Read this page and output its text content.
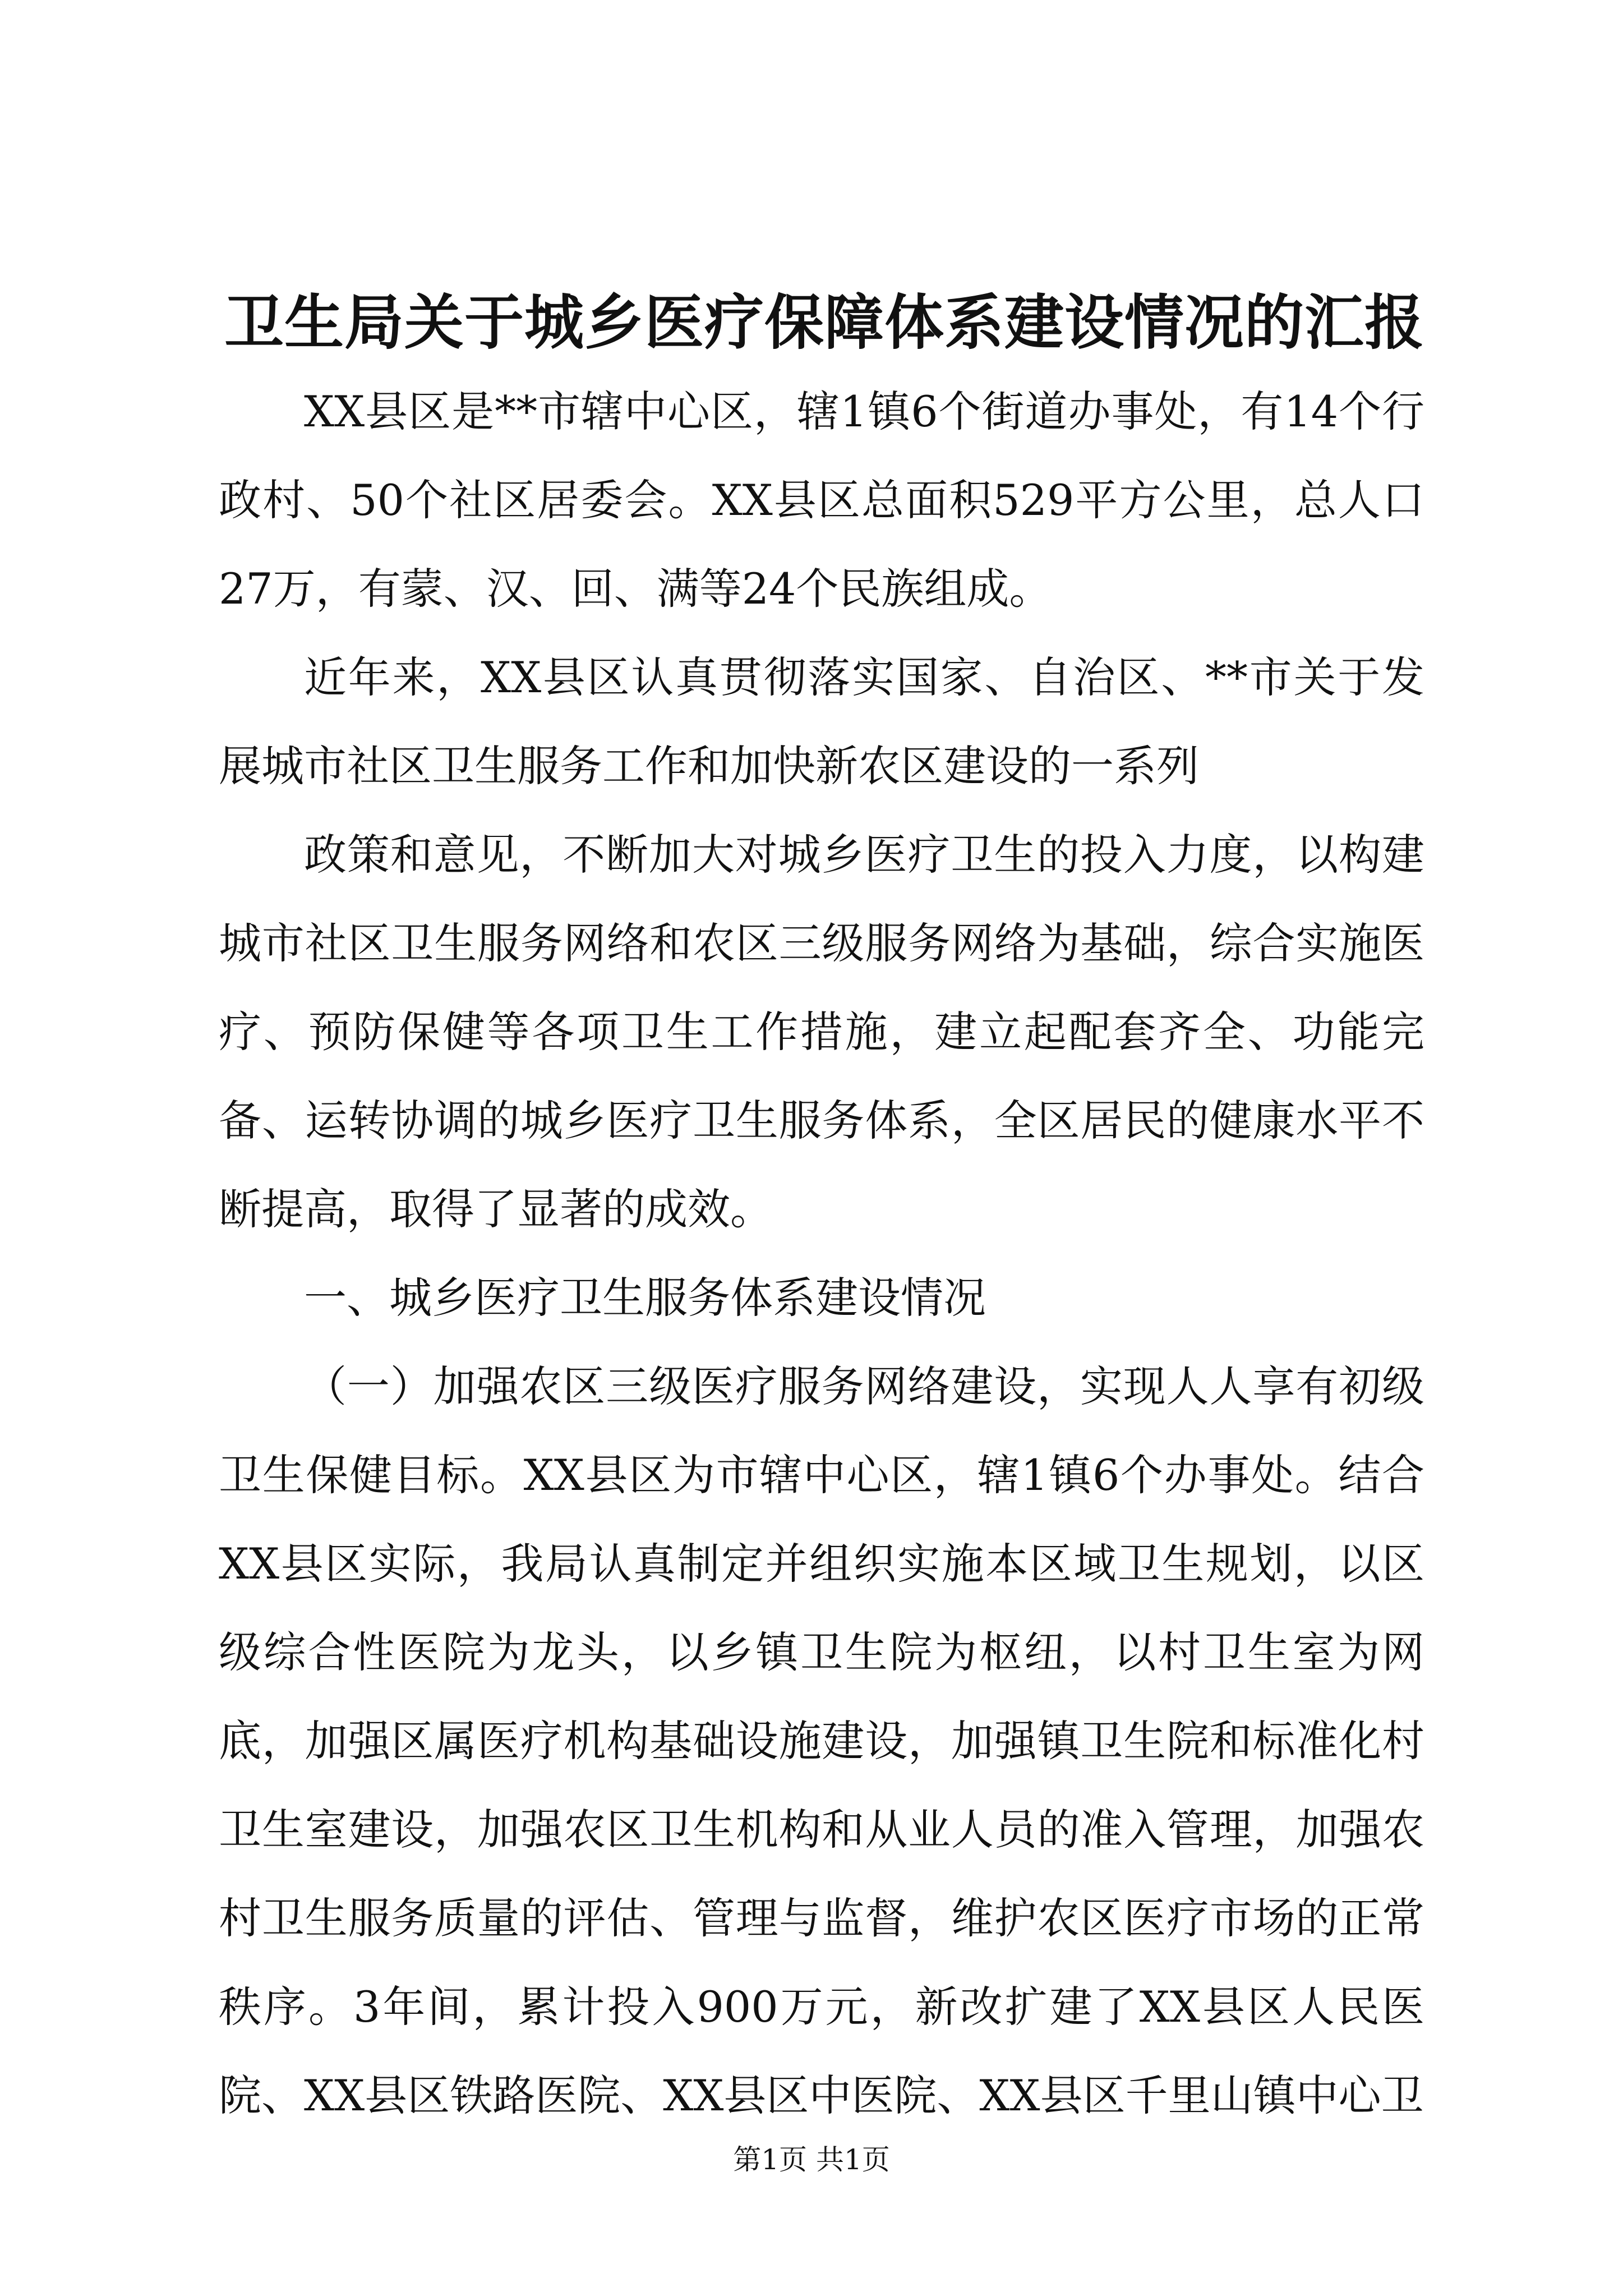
卫生局关于城乡医疗保障体系建设情况的汇报

XX县区是**市辖中心区，辖1镇6个街道办事处，有14个行政村、50个社区居委会。XX县区总面积529平方公里，总人口27万，有蒙、汉、回、满等24个民族组成。

近年来，XX县区认真贯彻落实国家、自治区、**市关于发展城市社区卫生服务工作和加快新农区建设的一系列

政策和意见，不断加大对城乡医疗卫生的投入力度，以构建城市社区卫生服务网络和农区三级服务网络为基础，综合实施医疗、预防保健等各项卫生工作措施，建立起配套齐全、功能完备、运转协调的城乡医疗卫生服务体系，全区居民的健康水平不断提高，取得了显著的成效。

一、城乡医疗卫生服务体系建设情况

（一）加强农区三级医疗服务网络建设，实现人人享有初级卫生保健目标。XX县区为市辖中心区，辖1镇6个办事处。结合XX县区实际，我局认真制定并组织实施本区域卫生规划，以区级综合性医院为龙头，以乡镇卫生院为枢纽，以村卫生室为网底，加强区属医疗机构基础设施建设，加强镇卫生院和标准化村卫生室建设，加强农区卫生机构和从业人员的准入管理，加强农村卫生服务质量的评估、管理与监督，维护农区医疗市场的正常秩序。3年间，累计投入900万元，新改扩建了XX县区人民医院、XX县区铁路医院、XX县区中医院、XX县区千里山镇中心卫

第1页 共1页
